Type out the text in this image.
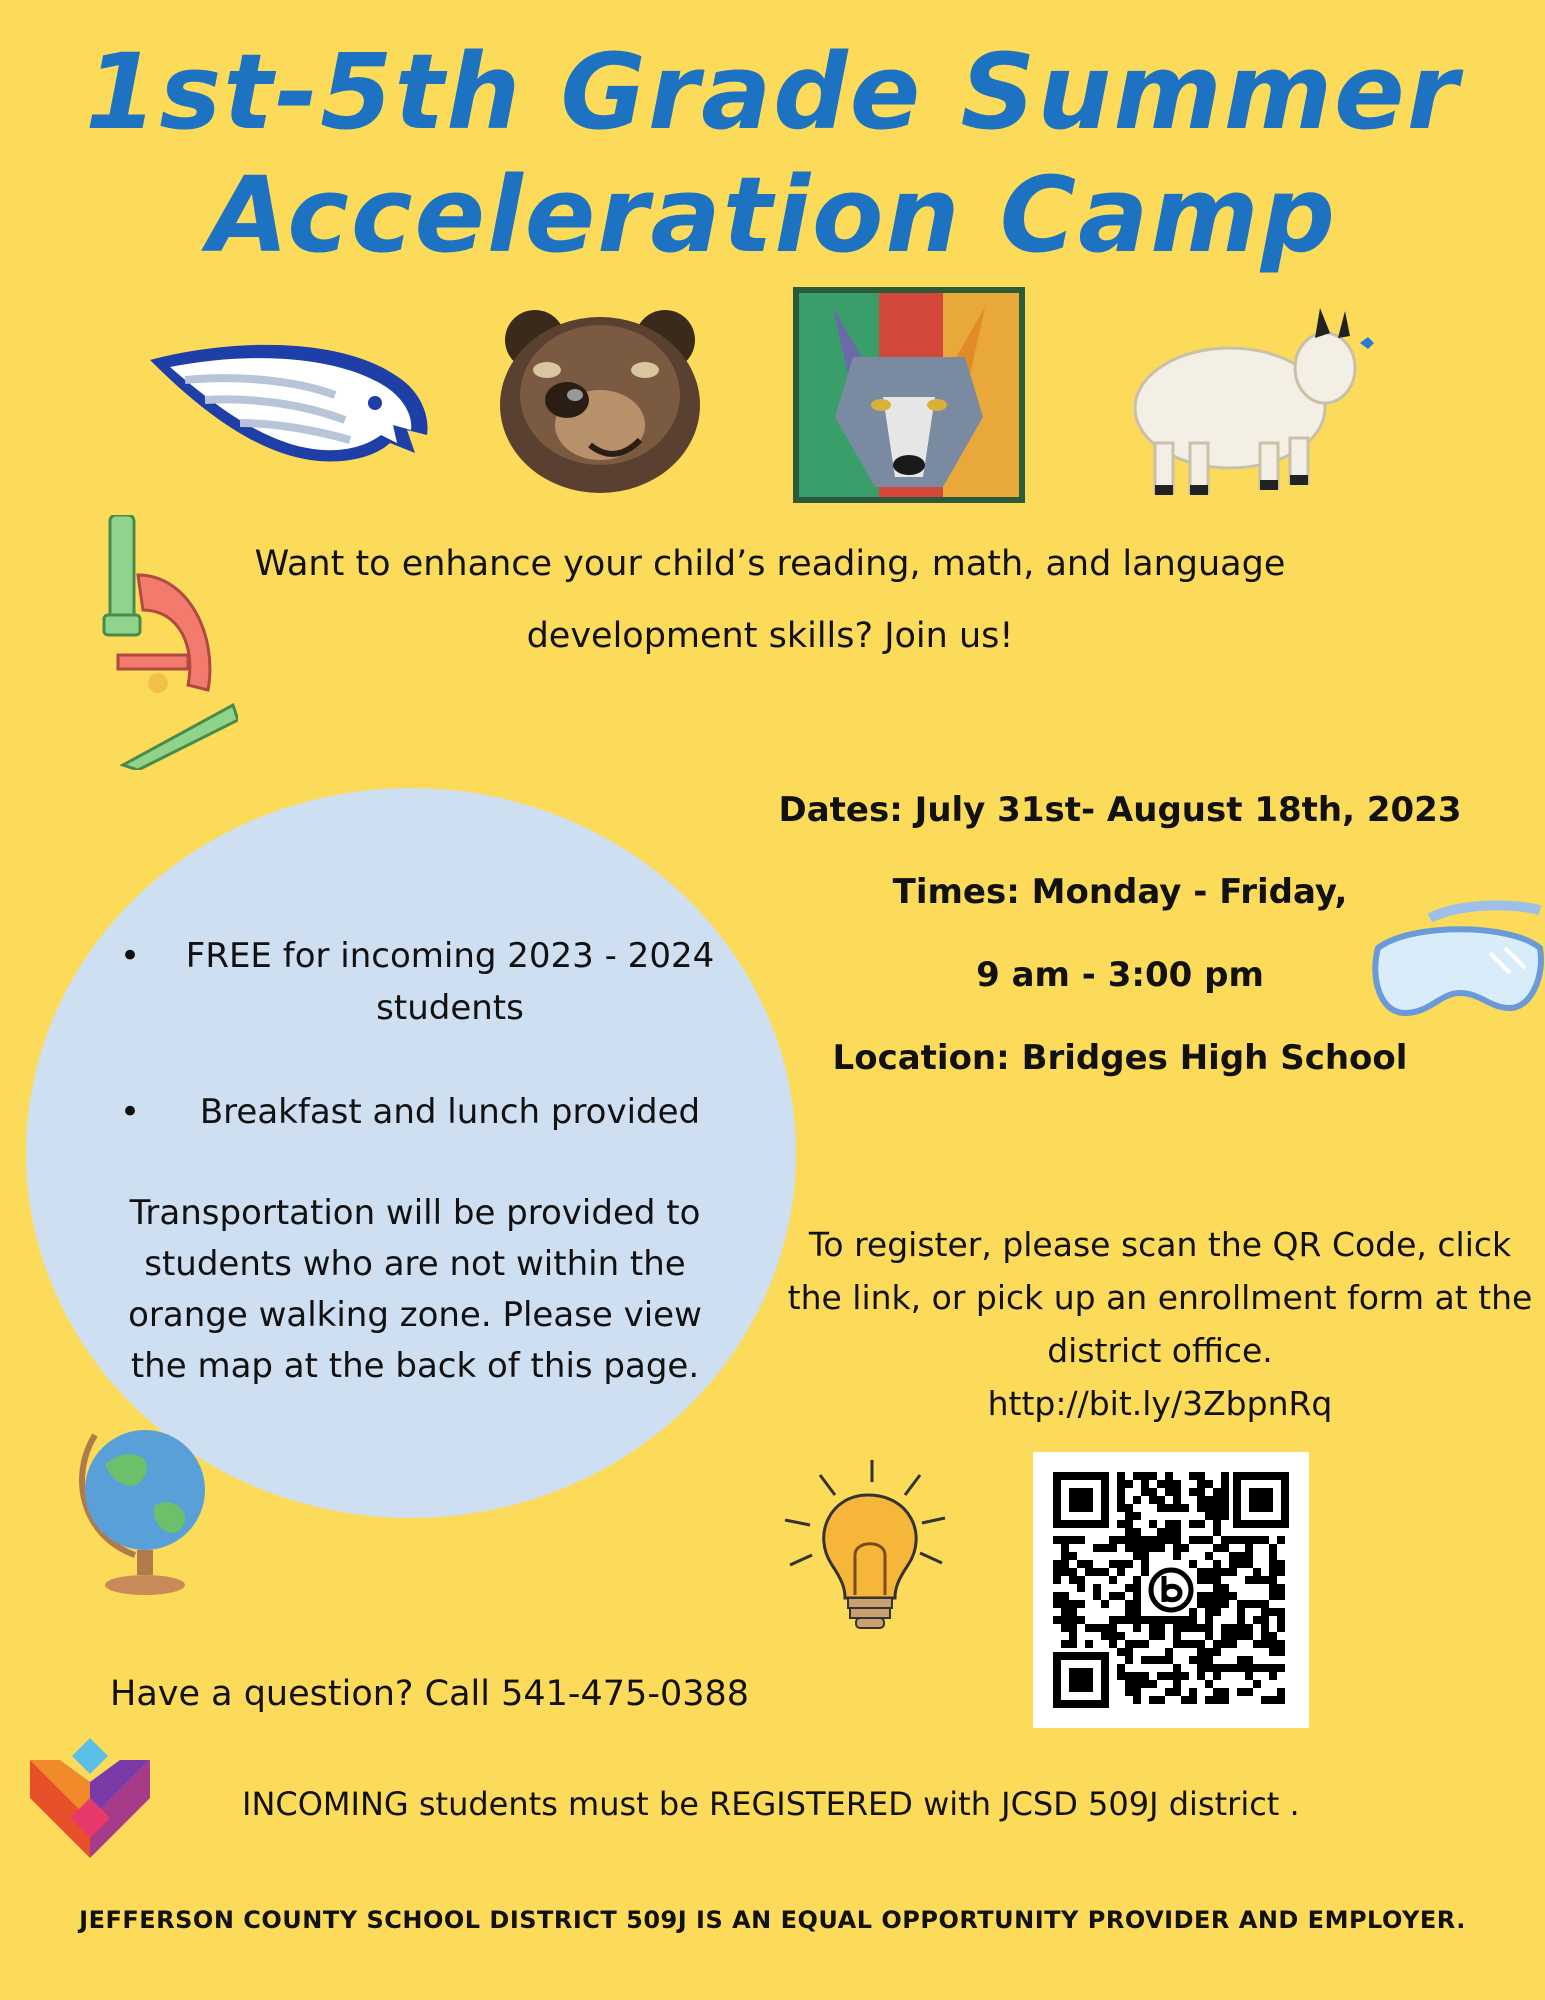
1st-5th Grade Summer
Acceleration Camp
Want to enhance your child’s reading, math, and language
development skills? Join us!
• FREE for incoming 2023 - 2024 students
• Breakfast and lunch provided
Transportation will be provided to students who are not within the orange walking zone. Please view the map at the back of this page.
Dates: July 31st- August 18th, 2023
Times: Monday - Friday,
9 am - 3:00 pm
Location: Bridges High School
To register, please scan the QR Code, click the link, or pick up an enrollment form at the district office.
http://bit.ly/3ZbpnRq
Have a question? Call 541-475-0388
INCOMING students must be REGISTERED with JCSD 509J district .
JEFFERSON COUNTY SCHOOL DISTRICT 509J IS AN EQUAL OPPORTUNITY PROVIDER AND EMPLOYER.
